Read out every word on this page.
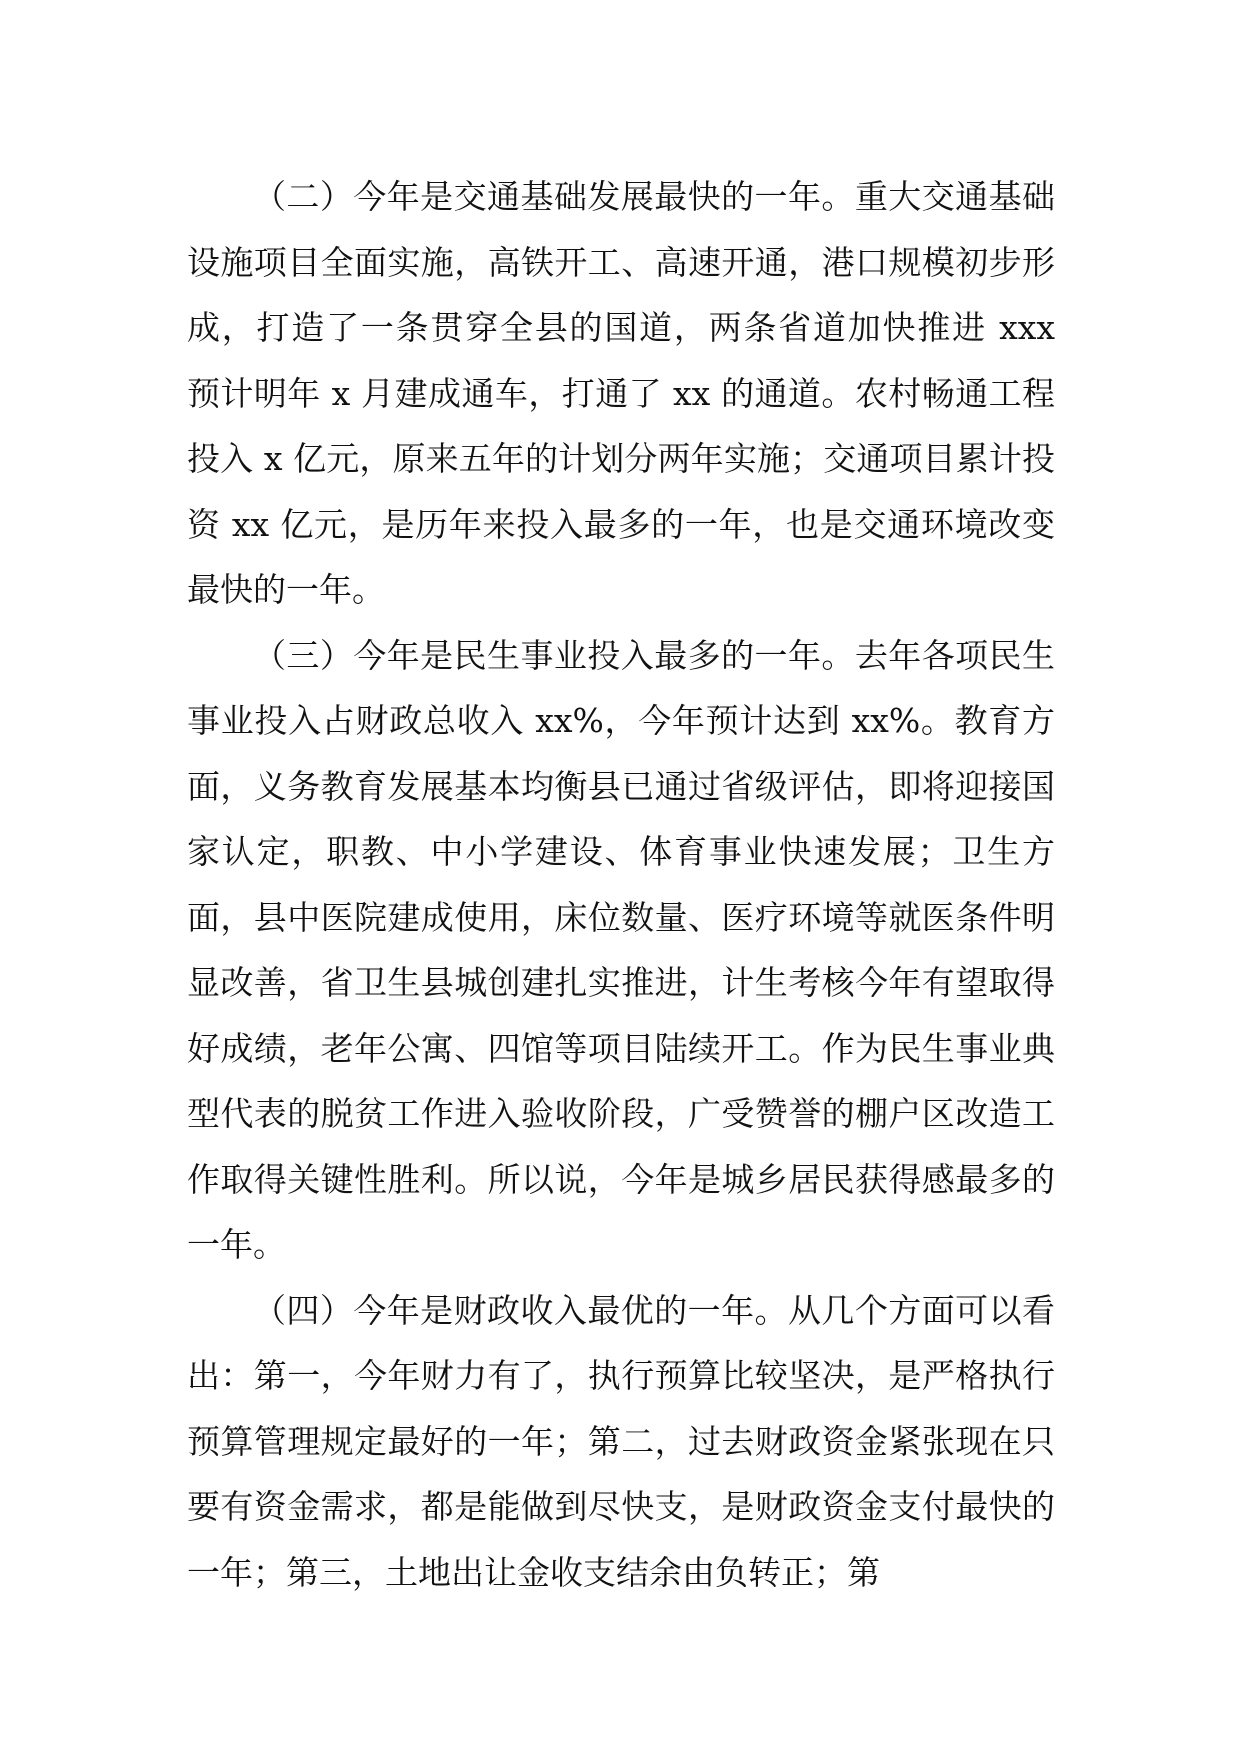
（二）今年是交通基础发展最快的一年。重大交通基础设施项目全面实施，高铁开工、高速开通，港口规模初步形成，打造了一条贯穿全县的国道，两条省道加快推进 xxx 预计明年 x 月建成通车，打通了 xx 的通道。农村畅通工程投入 x 亿元，原来五年的计划分两年实施；交通项目累计投资 xx 亿元，是历年来投入最多的一年，也是交通环境改变最快的一年。

（三）今年是民生事业投入最多的一年。去年各项民生事业投入占财政总收入 xx%，今年预计达到 xx%。教育方面，义务教育发展基本均衡县已通过省级评估，即将迎接国家认定，职教、中小学建设、体育事业快速发展；卫生方面，县中医院建成使用，床位数量、医疗环境等就医条件明显改善，省卫生县城创建扎实推进，计生考核今年有望取得好成绩，老年公寓、四馆等项目陆续开工。作为民生事业典型代表的脱贫工作进入验收阶段，广受赞誉的棚户区改造工作取得关键性胜利。所以说，今年是城乡居民获得感最多的一年。

（四）今年是财政收入最优的一年。从几个方面可以看出：第一，今年财力有了，执行预算比较坚决，是严格执行预算管理规定最好的一年；第二，过去财政资金紧张现在只要有资金需求，都是能做到尽快支，是财政资金支付最快的一年；第三，土地出让金收支结余由负转正；第
